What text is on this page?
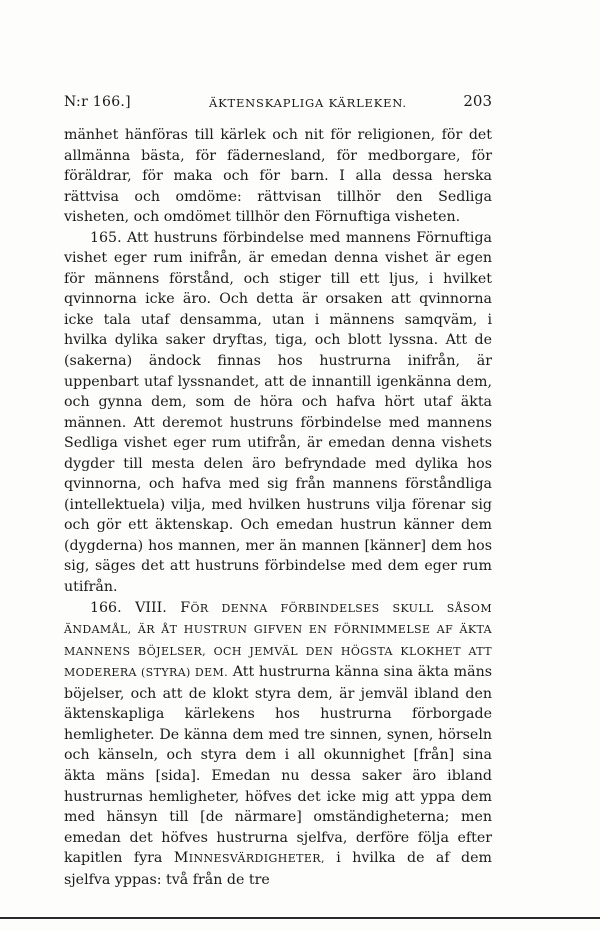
N:r 166.]	ÄKTENSKAPLIGA KÄRLEKEN.	203

mänhet hänföras till kärlek och nit för religionen, för det allmänna bästa, för fädernesland, för medborgare, för föräldrar, för maka och för barn. I alla dessa herska rättvisa och omdöme: rättvisan tillhör den Sedliga visheten, och omdömet tillhör den Förnuftiga visheten.

165. Att hustruns förbindelse med mannens Förnuftiga vishet eger rum inifrån, är emedan denna vishet är egen för männens förstånd, och stiger till ett ljus, i hvilket qvinnorna icke äro. Och detta är orsaken att qvinnorna icke tala utaf densamma, utan i männens samqväm, i hvilka dylika saker dryftas, tiga, och blott lyssna. Att de (sakerna) ändock finnas hos hustrurna inifrån, är uppenbart utaf lyssnandet, att de innantill igenkänna dem, och gynna dem, som de höra och hafva hört utaf äkta männen. Att deremot hustruns förbindelse med mannens Sedliga vishet eger rum utifrån, är emedan denna vishets dygder till mesta delen äro befryndade med dylika hos qvinnorna, och hafva med sig från mannens förståndliga (intellektuela) vilja, med hvilken hustruns vilja förenar sig och gör ett äktenskap. Och emedan hustrun känner dem (dygderna) hos mannen, mer än mannen [känner] dem hos sig, säges det att hustruns förbindelse med dem eger rum utifrån.

166. VIII. FÖR DENNA FÖRBINDELSES SKULL SÅSOM ÄNDAMÅL, ÄR ÅT HUSTRUN GIFVEN EN FÖRNIMMELSE AF ÄKTA MANNENS BÖJELSER, OCH JEMVÄL DEN HÖGSTA KLOKHET ATT MODERERA (STYRA) DEM. Att hustrurna känna sina äkta mäns böjelser, och att de klokt styra dem, är jemväl ibland den äktenskapliga kärlekens hos hustrurna förborgade hemligheter. De känna dem med tre sinnen, synen, hörseln och känseln, och styra dem i all okunnighet [från] sina äkta mäns [sida]. Emedan nu dessa saker äro ibland hustrurnas hemligheter, höfves det icke mig att yppa dem med hänsyn till [de närmare] omständigheterna; men emedan det höfves hustrurna sjelfva, derföre följa efter kapitlen fyra MINNESVÄRDIGHETER, i hvilka de af dem sjelfva yppas: två från de tre
